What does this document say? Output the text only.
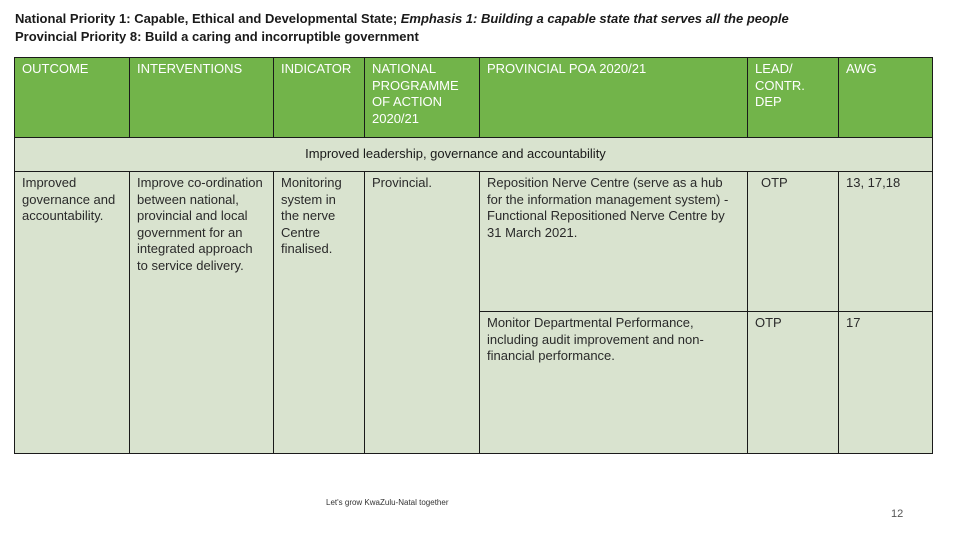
National Priority 1: Capable, Ethical and Developmental State; Emphasis 1: Building a capable state that serves all the people
Provincial Priority 8: Build a caring and incorruptible government
OUTCOME	INTERVENTIONS	INDICATOR	NATIONAL PROGRAMME OF ACTION 2020/21	PROVINCIAL POA 2020/21	LEAD/ CONTR. DEP	AWG
Improved leadership, governance and accountability						
Improved governance and accountability.	Improve co-ordination between national, provincial and local government for an integrated approach to service delivery.	Monitoring system in the nerve Centre finalised.	Provincial.	Reposition Nerve Centre (serve as a hub for the information management system) - Functional Repositioned Nerve Centre by 31 March 2021.	OTP	13, 17,18
				Monitor Departmental Performance, including audit improvement and non-financial performance.	OTP	17
Let's grow KwaZulu-Natal together
12
